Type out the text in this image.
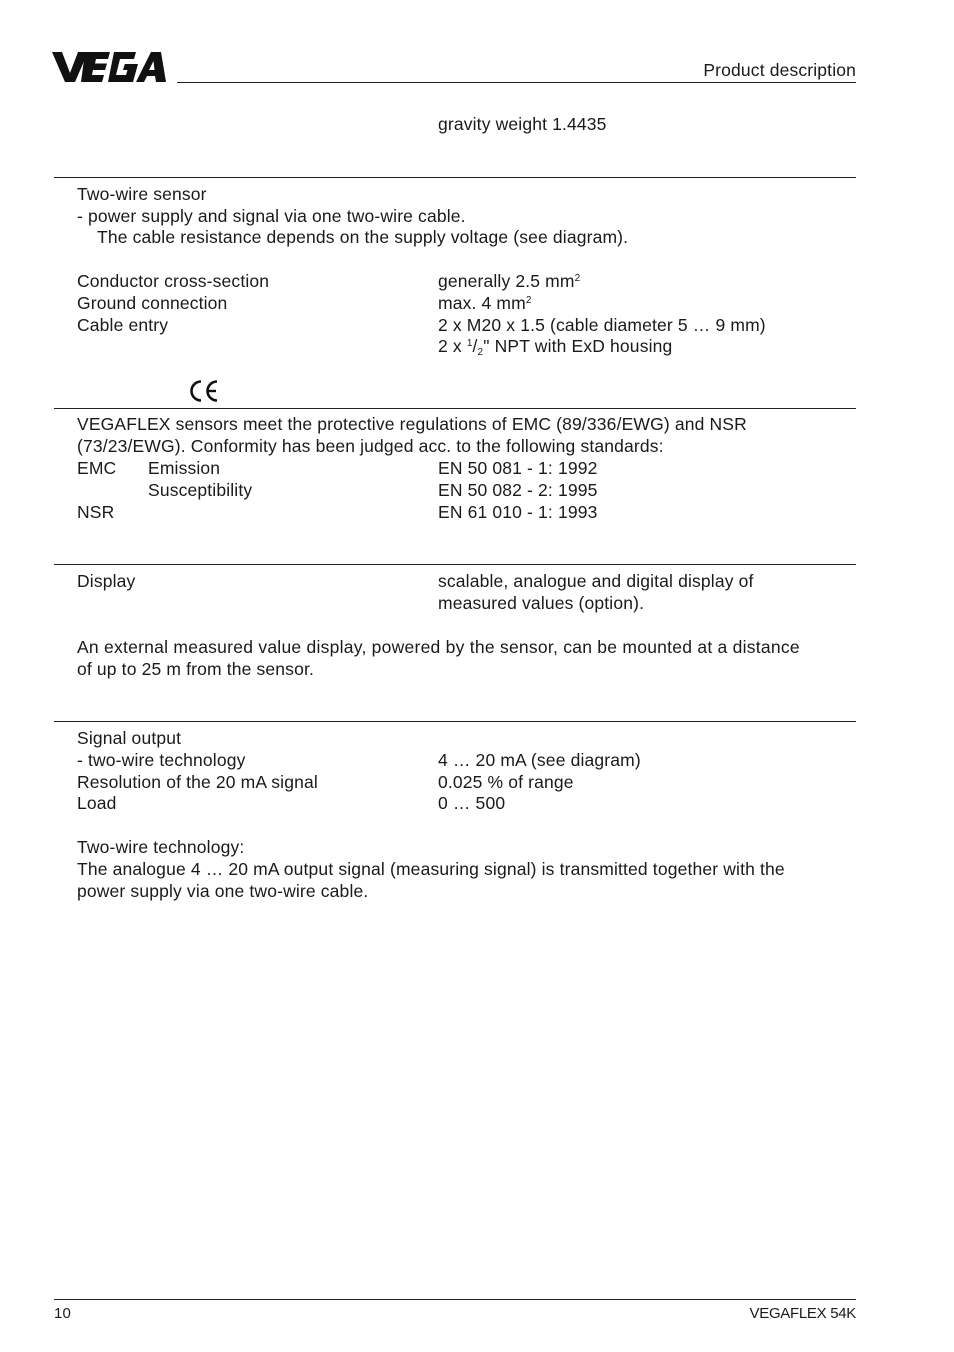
Product description
gravity weight 1.4435
Two-wire sensor
- power supply and signal via one two-wire cable.
The cable resistance depends on the supply voltage (see diagram).
Conductor cross-section	generally 2.5 $mm^2$
Ground connection	max. 4 $mm^2$
Cable entry	2 x M20 x 1.5 (cable diameter 5 … 9 mm)
2 x $^1/_2$" NPT with ExD housing
VEGAFLEX sensors meet the protective regulations of EMC (89/336/EWG) and NSR
(73/23/EWG). Conformity has been judged acc. to the following standards:
EMC Emission	EN 50 081 - 1: 1992
Susceptibility	EN 50 082 - 2: 1995
NSR	EN 61 010 - 1: 1993
Display	scalable, analogue and digital display of
measured values (option).
An external measured value display, powered by the sensor, can be mounted at a distance
of up to 25 m from the sensor.
Signal output
- two-wire technology	4 … 20 mA (see diagram)
Resolution of the 20 mA signal	0.025 % of range
Load	0 … 500
Two-wire technology:
The analogue 4 … 20 mA output signal (measuring signal) is transmitted together with the
power supply via one two-wire cable.
10	VEGAFLEX 54K
